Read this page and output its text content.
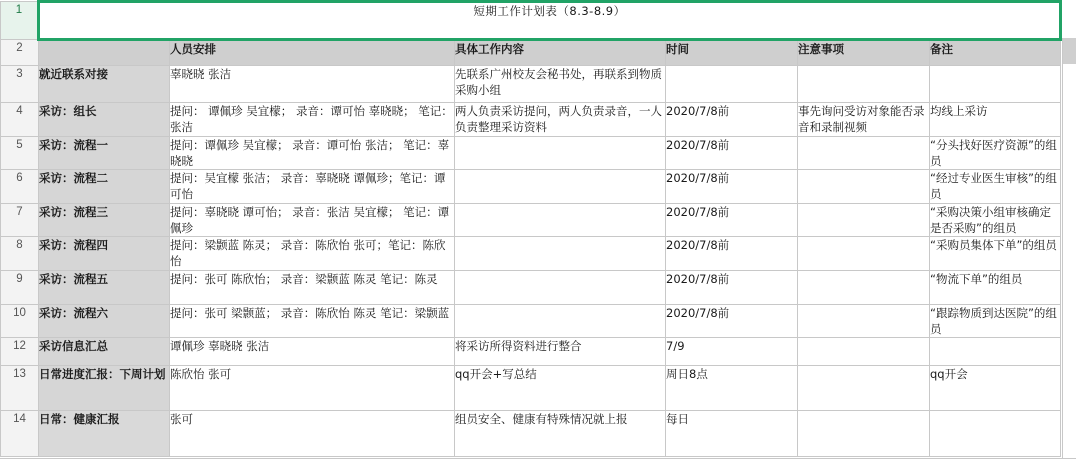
1	短期工作计划表（8.3-8.9）					
2		人员安排	具体工作内容	时间	注意事项	备注
3	就近联系对接	辜晓晓 张洁	先联系广州校友会秘书处，再联系到物质采购小组			
4	采访：组长	提问： 谭佩珍 吴宜檬； 录音：谭可怡 辜晓晓； 笔记：张洁	两人负责采访提问，两人负责录音，一人负责整理采访资料	2020/7/8前	事先询问受访对象能否录音和录制视频	均线上采访
5	采访：流程一	提问：谭佩珍 吴宜檬； 录音：谭可怡 张洁； 笔记：辜晓晓		2020/7/8前		“分头找好医疗资源”的组员
6	采访：流程二	提问：吴宜檬 张洁； 录音：辜晓晓 谭佩珍；笔记：谭可怡		2020/7/8前		“经过专业医生审核”的组员
7	采访：流程三	提问：辜晓晓 谭可怡； 录音：张洁 吴宜檬； 笔记：谭佩珍		2020/7/8前		“采购决策小组审核确定是否采购”的组员
8	采访：流程四	提问：梁颢蓝 陈灵； 录音：陈欣怡 张可；笔记：陈欣怡		2020/7/8前		“采购员集体下单”的组员
9	采访：流程五	提问：张可 陈欣怡； 录音：梁颢蓝 陈灵 笔记：陈灵		2020/7/8前		“物流下单”的组员
10	采访：流程六	提问：张可 梁颢蓝； 录音：陈欣怡 陈灵 笔记：梁颢蓝		2020/7/8前		“跟踪物质到达医院”的组员
12	采访信息汇总	谭佩珍 辜晓晓 张洁	将采访所得资料进行整合	7/9		
13	日常进度汇报：下周计划	陈欣怡 张可	qq开会+写总结	周日8点		qq开会
14	日常：健康汇报	张可	组员安全、健康有特殊情况就上报	每日		
